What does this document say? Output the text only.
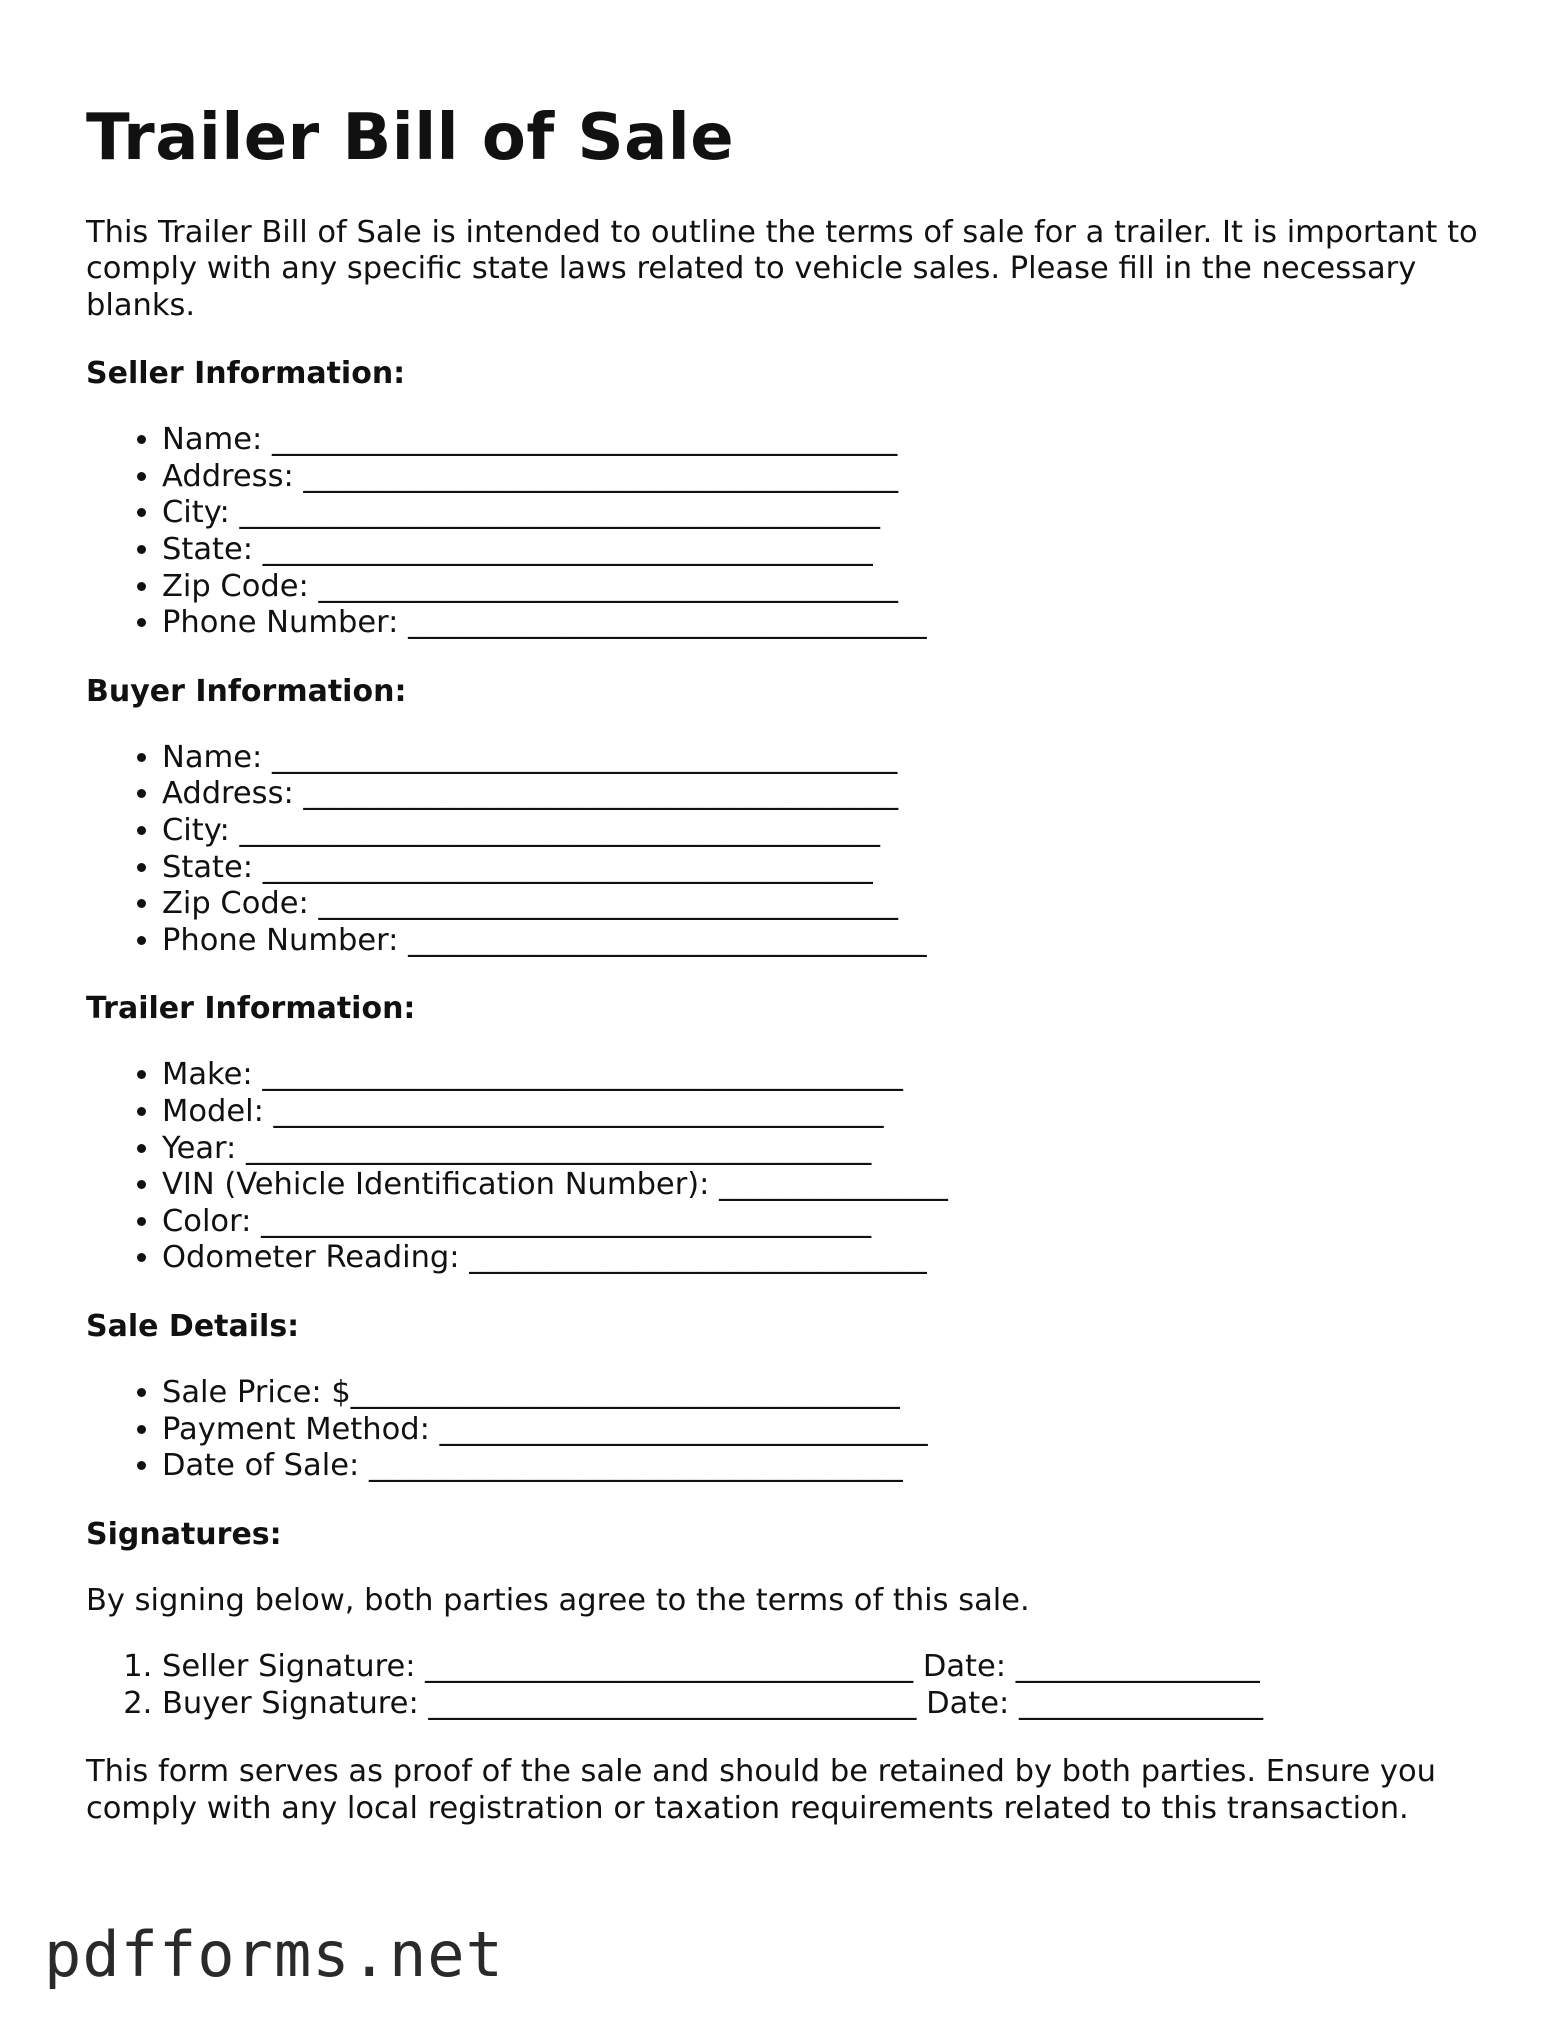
Trailer Bill of Sale

This Trailer Bill of Sale is intended to outline the terms of sale for a trailer. It is important to comply with any specific state laws related to vehicle sales. Please fill in the necessary blanks.

Seller Information:
• Name: _________________________________________
• Address: _______________________________________
• City: __________________________________________
• State: ________________________________________
• Zip Code: ______________________________________
• Phone Number: __________________________________
Buyer Information:
• Name: _________________________________________
• Address: _______________________________________
• City: __________________________________________
• State: ________________________________________
• Zip Code: ______________________________________
• Phone Number: __________________________________
Trailer Information:
• Make: __________________________________________
• Model: ________________________________________
• Year: _________________________________________
• VIN (Vehicle Identification Number): _______________
• Color: ________________________________________
• Odometer Reading: ______________________________
Sale Details:
• Sale Price: $____________________________________
• Payment Method: ________________________________
• Date of Sale: ___________________________________
Signatures:

By signing below, both parties agree to the terms of this sale.

1. Seller Signature: ________________________________ Date: ________________
2. Buyer Signature: ________________________________ Date: ________________

This form serves as proof of the sale and should be retained by both parties. Ensure you comply with any local registration or taxation requirements related to this transaction.

pdfforms.net
